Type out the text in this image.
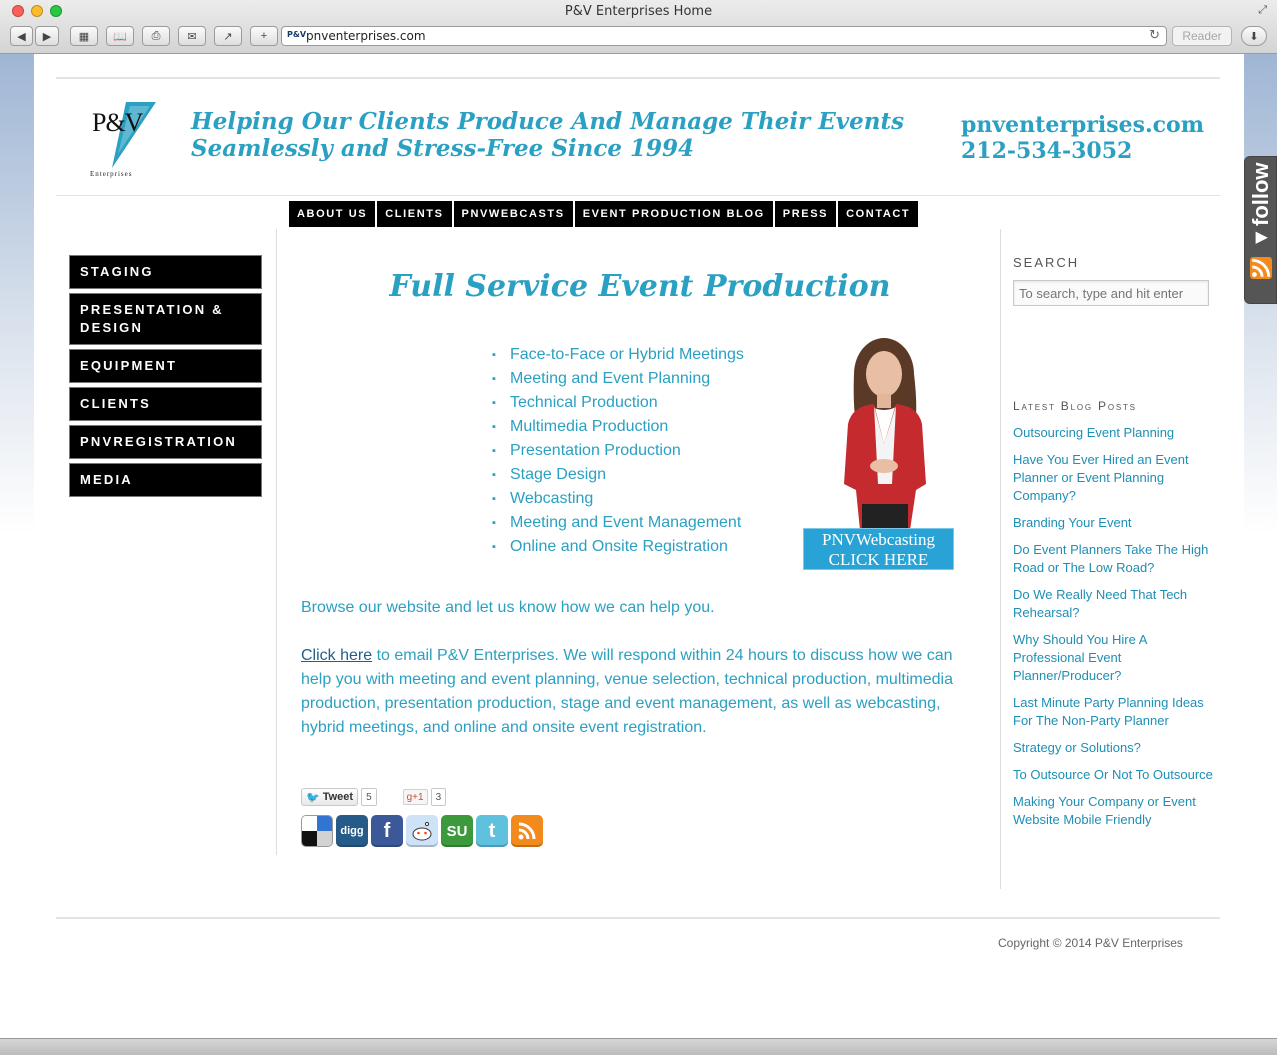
P&V Enterprises Home	⤢
◀ ▶	▦ 📖 ⎙ ✉ ↗	+ P&V pnventerprises.com	↻	Reader	⬇
P&V
Enterprises
Helping Our Clients Produce And Manage Their Events
Seamlessly and Stress-Free Since 1994
pnventerprises.com
212-534-3052
ABOUT US	CLIENTS	PNVWEBCASTS	EVENT PRODUCTION BLOG	PRESS	CONTACT
STAGING
PRESENTATION & DESIGN
EQUIPMENT
CLIENTS
PNVREGISTRATION
MEDIA
Full Service Event Production
▪ Face-to-Face or Hybrid Meetings
▪ Meeting and Event Planning
▪ Technical Production
▪ Multimedia Production
▪ Presentation Production
▪ Stage Design
▪ Webcasting
▪ Meeting and Event Management
▪ Online and Onsite Registration	PNVWebcasting
CLICK HERE

Browse our website and let us know how we can help you.

Click here to email P&V Enterprises. We will respond within 24 hours to discuss how we can help you with meeting and event planning, venue selection, technical production, multimedia production, presentation production, stage and event management, as well as webcasting, hybrid meetings, and online and onsite event registration.

🐦 Tweet	5	g+1	3
digg	f	SU	t
SEARCH
To search, type and hit enter
Latest Blog Posts
Outsourcing Event Planning
Have You Ever Hired an Event Planner or Event Planning Company?
Branding Your Event
Do Event Planners Take The High Road or The Low Road?
Do We Really Need That Tech Rehearsal?
Why Should You Hire A Professional Event Planner/Producer?
Last Minute Party Planning Ideas For The Non-Party Planner
Strategy or Solutions?
To Outsource Or Not To Outsource
Making Your Company or Event Website Mobile Friendly
Copyright © 2014 P&V Enterprises
◂follow
